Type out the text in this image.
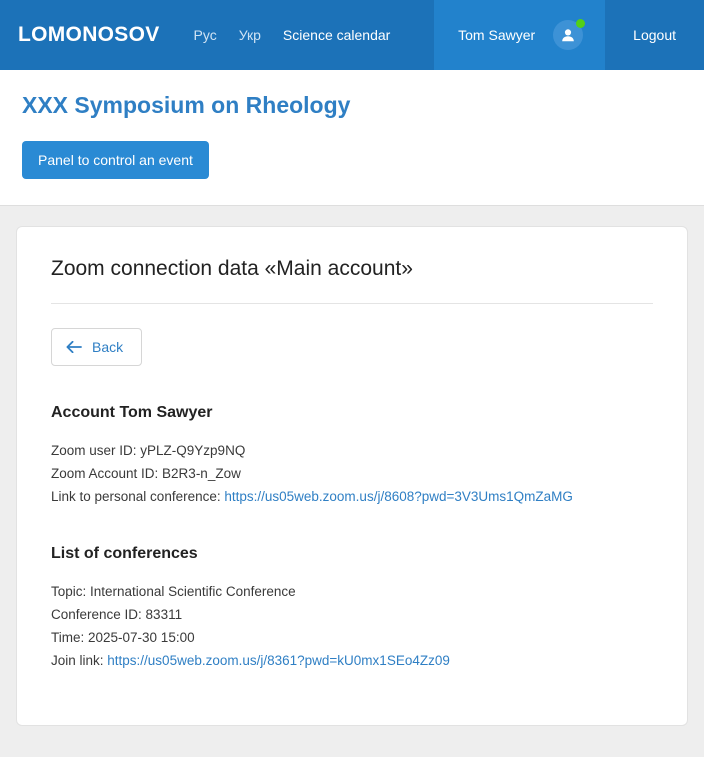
LOMONOSOV Рус Укр Science calendar	Tom Sawyer	Logout
XXX Symposium on Rheology
Panel to control an event
Zoom connection data «Main account»
Back
Account Tom Sawyer

Zoom user ID: yPLZ-Q9Yzp9NQ

Zoom Account ID: B2R3-n_Zow

Link to personal conference: https://us05web.zoom.us/j/8608?pwd=3V3Ums1QmZaMG

List of conferences

Topic: International Scientific Conference

Conference ID: 83311

Time: 2025-07-30 15:00

Join link: https://us05web.zoom.us/j/8361?pwd=kU0mx1SEo4Zz09
